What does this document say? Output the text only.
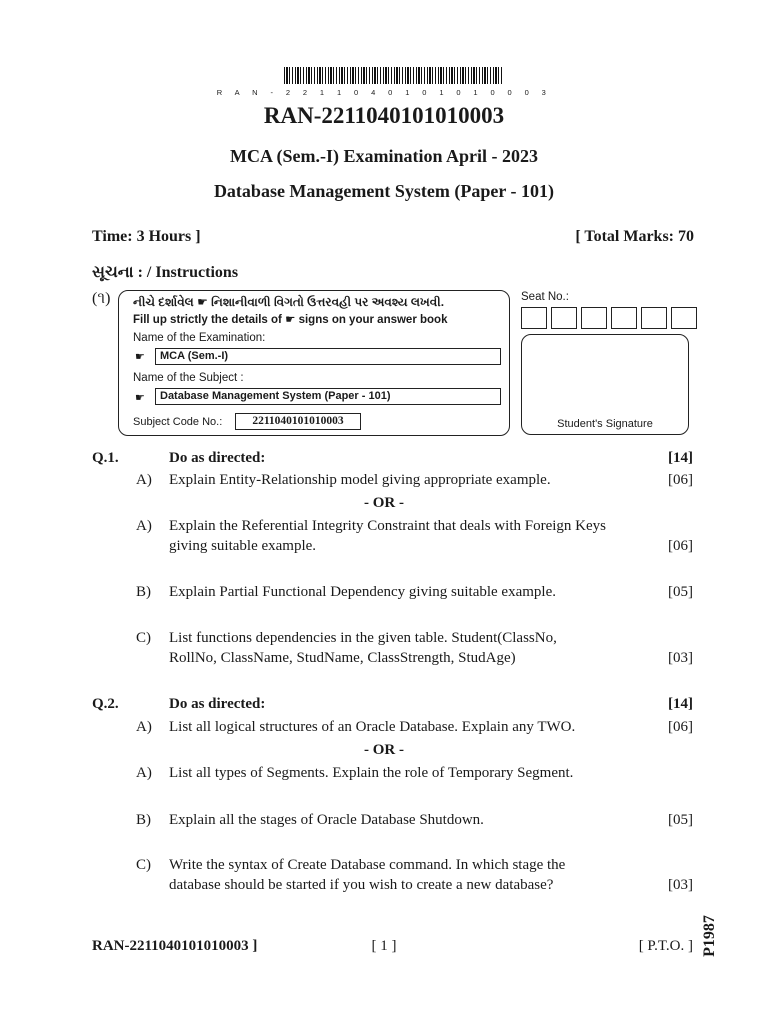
R A N - 2 2 1 1 0 4 0 1 0 1 0 1 0 0 0 3
RAN-2211040101010003
MCA (Sem.-I) Examination April - 2023
Database Management System (Paper - 101)
Time: 3 Hours ]	[ Total Marks: 70
સૂચના : / Instructions
(૧) નીચે દર્શાવેલ ☛ નિશાનીવાળી વિગતો ઉત્તરવહી પર અવશ્ય લખવી.
Fill up strictly the details of ☛ signs on your answer book
Name of the Examination:
☛	MCA (Sem.-I)
Name of the Subject :
☛	Database Management System (Paper - 101)
Subject Code No.:	2211040101010003
Seat No.:
Student's Signature
Q.1.	Do as directed:	[14]
A) Explain Entity-Relationship model giving appropriate example.	[06]
- OR -
A) Explain the Referential Integrity Constraint that deals with Foreign Keys
giving suitable example.	[06]
B) Explain Partial Functional Dependency giving suitable example.	[05]
C) List functions dependencies in the given table. Student(ClassNo,
RollNo, ClassName, StudName, ClassStrength, StudAge)	[03]
Q.2.	Do as directed:	[14]
A) List all logical structures of an Oracle Database. Explain any TWO.	[06]
- OR -
A) List all types of Segments. Explain the role of Temporary Segment.
B) Explain all the stages of Oracle Database Shutdown.	[05]
C) Write the syntax of Create Database command. In which stage the
database should be started if you wish to create a new database?	[03]
RAN-2211040101010003 ]	[ 1 ]	[ P.T.O. ] P1987
